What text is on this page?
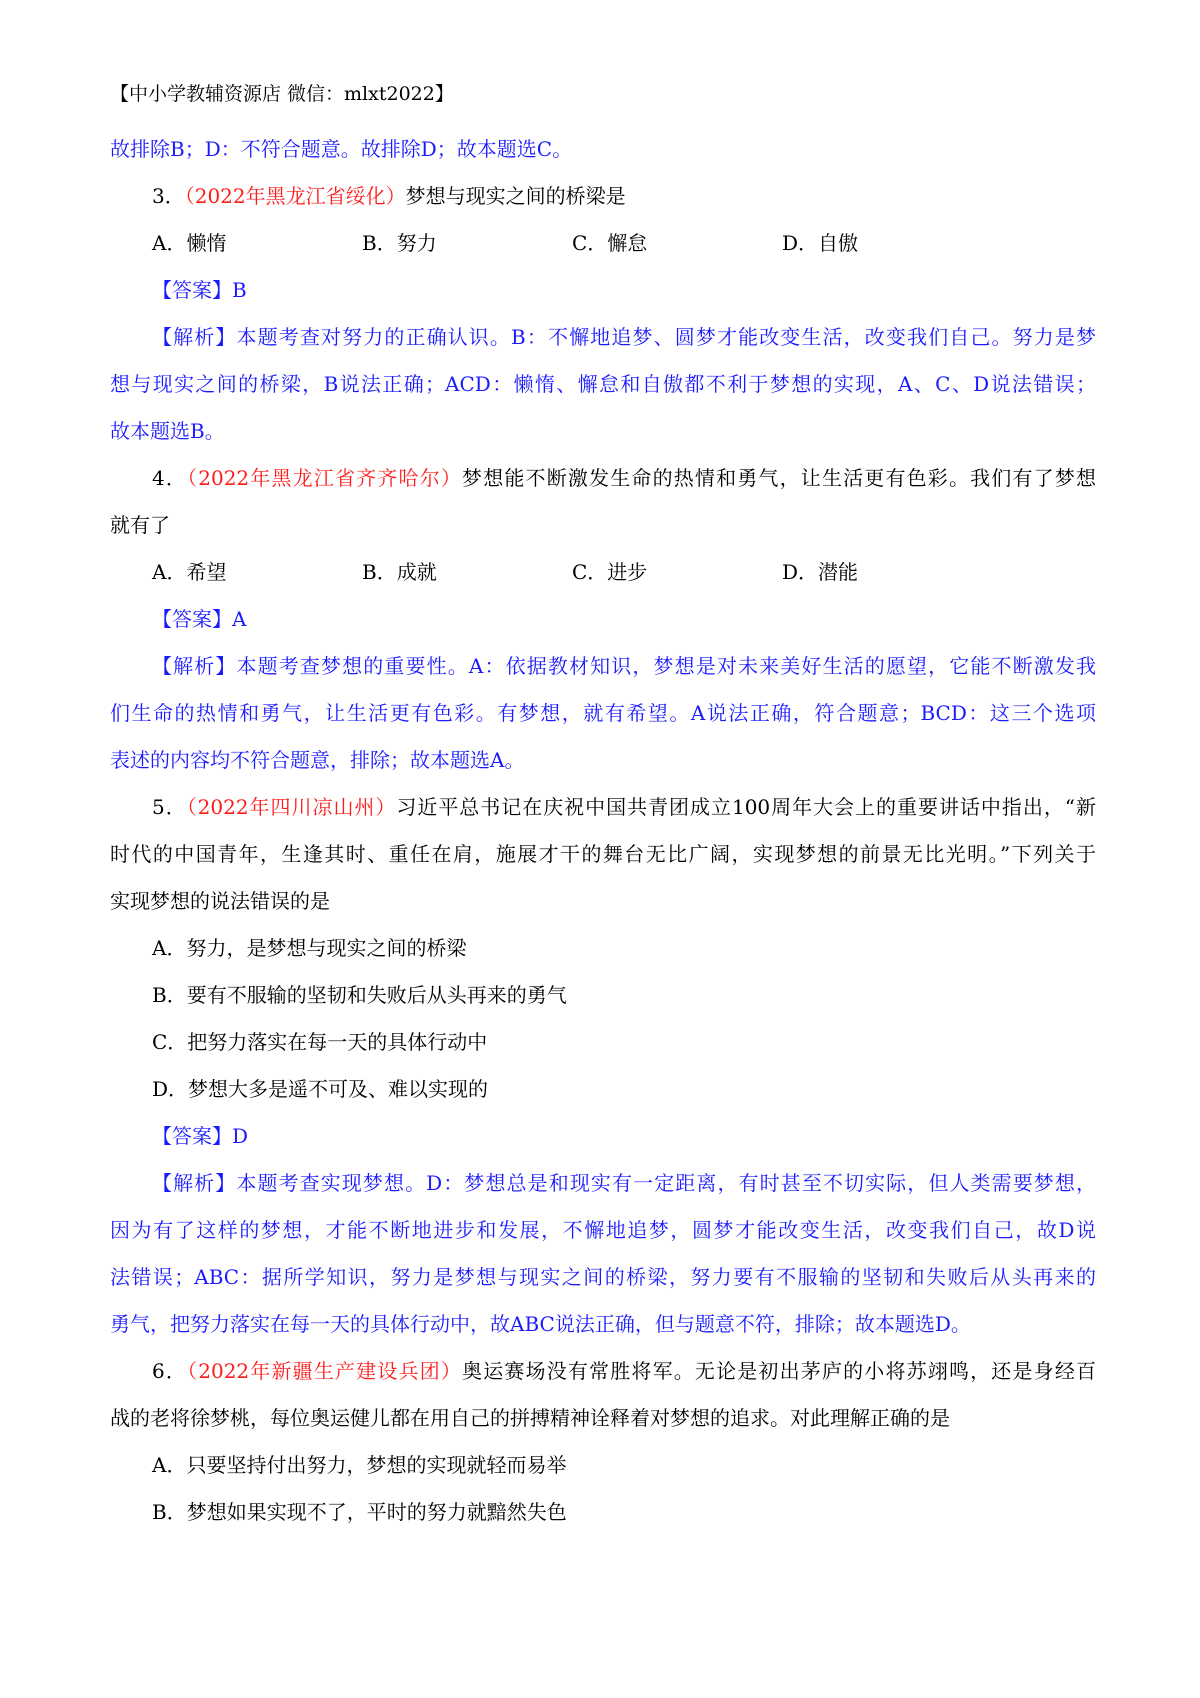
【中小学教辅资源店 微信：mlxt2022】
故排除B；D：不符合题意。故排除D；故本题选C。
3．（2022年黑龙江省绥化）梦想与现实之间的桥梁是
A．懒惰	B．努力	C．懈怠	D．自傲
【答案】B
【解析】本题考查对努力的正确认识。B：不懈地追梦、圆梦才能改变生活，改变我们自己。努力是梦
想与现实之间的桥梁，B说法正确；ACD：懒惰、懈怠和自傲都不利于梦想的实现，A、C、D说法错误；
故本题选B。
4．（2022年黑龙江省齐齐哈尔）梦想能不断激发生命的热情和勇气，让生活更有色彩。我们有了梦想
就有了
A．希望	B．成就	C．进步	D．潜能
【答案】A
【解析】本题考查梦想的重要性。A：依据教材知识，梦想是对未来美好生活的愿望，它能不断激发我
们生命的热情和勇气，让生活更有色彩。有梦想，就有希望。A说法正确，符合题意；BCD：这三个选项
表述的内容均不符合题意，排除；故本题选A。
5．（2022年四川凉山州）习近平总书记在庆祝中国共青团成立100周年大会上的重要讲话中指出，“新
时代的中国青年，生逢其时、重任在肩，施展才干的舞台无比广阔，实现梦想的前景无比光明。”下列关于
实现梦想的说法错误的是
A．努力，是梦想与现实之间的桥梁
B．要有不服输的坚韧和失败后从头再来的勇气
C．把努力落实在每一天的具体行动中
D．梦想大多是遥不可及、难以实现的
【答案】D
【解析】本题考查实现梦想。D：梦想总是和现实有一定距离，有时甚至不切实际，但人类需要梦想，
因为有了这样的梦想，才能不断地进步和发展，不懈地追梦，圆梦才能改变生活，改变我们自己，故D说
法错误；ABC：据所学知识，努力是梦想与现实之间的桥梁，努力要有不服输的坚韧和失败后从头再来的
勇气，把努力落实在每一天的具体行动中，故ABC说法正确，但与题意不符，排除；故本题选D。
6．（2022年新疆生产建设兵团）奥运赛场没有常胜将军。无论是初出茅庐的小将苏翊鸣，还是身经百
战的老将徐梦桃，每位奥运健儿都在用自己的拼搏精神诠释着对梦想的追求。对此理解正确的是
A．只要坚持付出努力，梦想的实现就轻而易举
B．梦想如果实现不了，平时的努力就黯然失色
